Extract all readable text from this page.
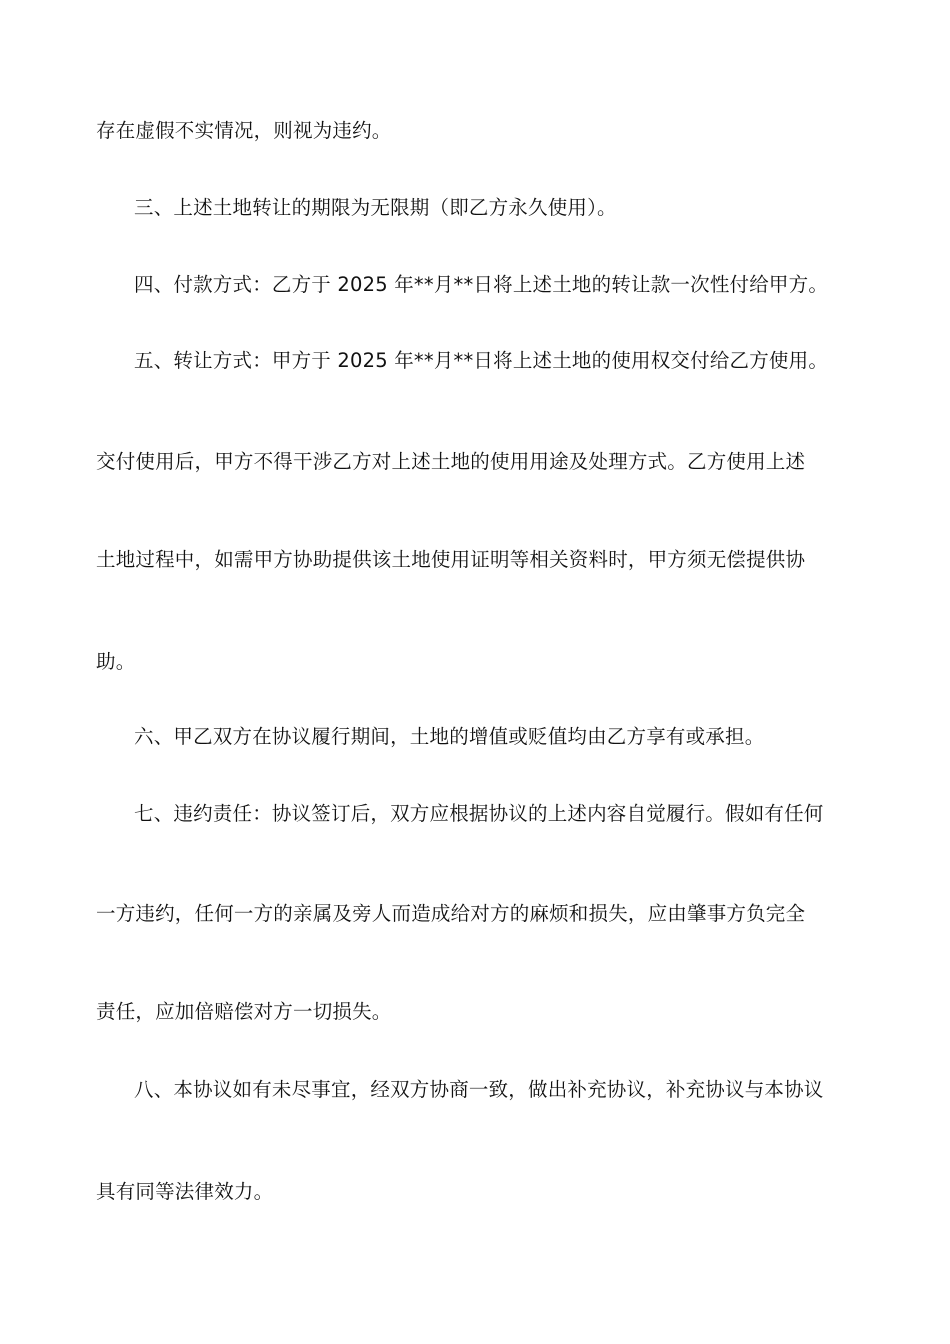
存在虚假不实情况，则视为违约。
三、上述土地转让的期限为无限期（即乙方永久使用）。
四、付款方式：乙方于 2025 年**月**日将上述土地的转让款一次性付给甲方。
五、转让方式：甲方于 2025 年**月**日将上述土地的使用权交付给乙方使用。
交付使用后，甲方不得干涉乙方对上述土地的使用用途及处理方式。乙方使用上述
土地过程中，如需甲方协助提供该土地使用证明等相关资料时，甲方须无偿提供协
助。
六、甲乙双方在协议履行期间，土地的增值或贬值均由乙方享有或承担。
七、违约责任：协议签订后，双方应根据协议的上述内容自觉履行。假如有任何
一方违约，任何一方的亲属及旁人而造成给对方的麻烦和损失，应由肇事方负完全
责任，应加倍赔偿对方一切损失。
八、本协议如有未尽事宜，经双方协商一致，做出补充协议，补充协议与本协议
具有同等法律效力。
